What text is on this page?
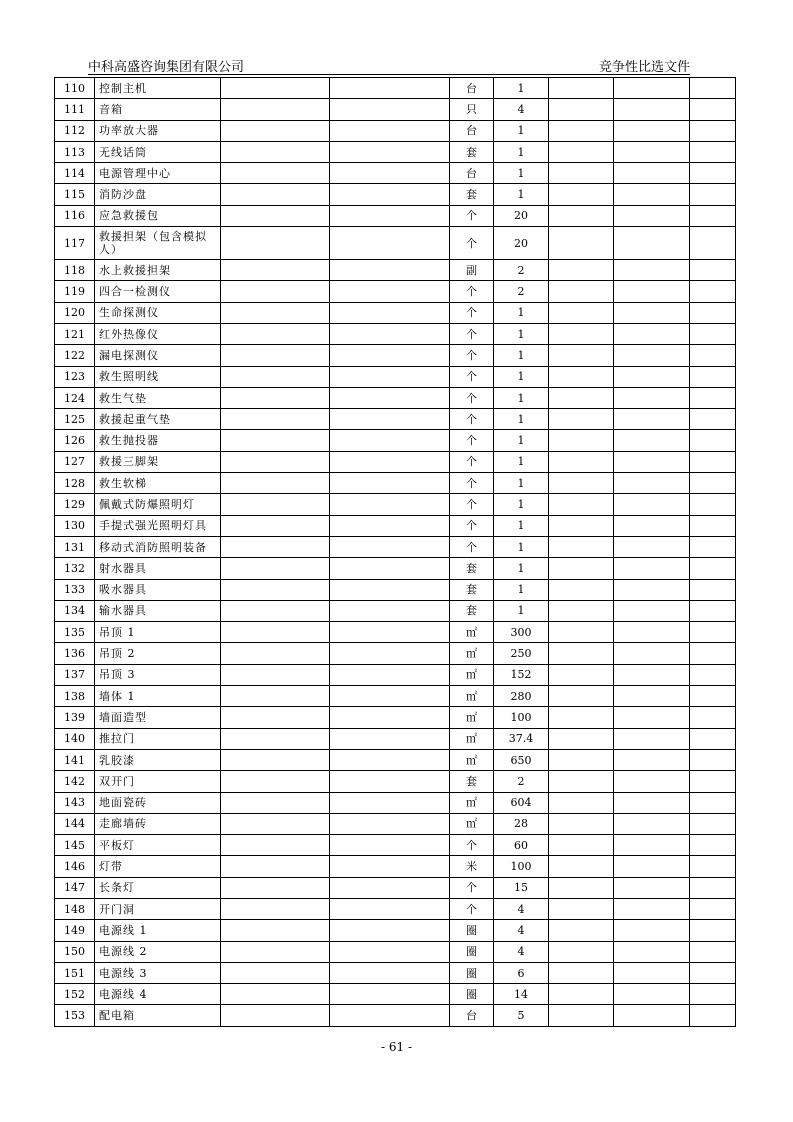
中科高盛咨询集团有限公司	竞争性比选文件
110	控制主机			台	1			
111	音箱			只	4			
112	功率放大器			台	1			
113	无线话筒			套	1			
114	电源管理中心			台	1			
115	消防沙盘			套	1			
116	应急救援包			个	20			
117	救援担架（包含模拟人）			个	20			
118	水上救援担架			副	2			
119	四合一检测仪			个	2			
120	生命探测仪			个	1			
121	红外热像仪			个	1			
122	漏电探测仪			个	1			
123	救生照明线			个	1			
124	救生气垫			个	1			
125	救援起重气垫			个	1			
126	救生抛投器			个	1			
127	救援三脚架			个	1			
128	救生软梯			个	1			
129	佩戴式防爆照明灯			个	1			
130	手提式强光照明灯具			个	1			
131	移动式消防照明装备			个	1			
132	射水器具			套	1			
133	吸水器具			套	1			
134	输水器具			套	1			
135	吊顶 1			㎡	300			
136	吊顶 2			㎡	250			
137	吊顶 3			㎡	152			
138	墙体 1			㎡	280			
139	墙面造型			㎡	100			
140	推拉门			㎡	37.4			
141	乳胶漆			㎡	650			
142	双开门			套	2			
143	地面瓷砖			㎡	604			
144	走廊墙砖			㎡	28			
145	平板灯			个	60			
146	灯带			米	100			
147	长条灯			个	15			
148	开门洞			个	4			
149	电源线 1			圈	4			
150	电源线 2			圈	4			
151	电源线 3			圈	6			
152	电源线 4			圈	14			
153	配电箱			台	5			
- 61 -
